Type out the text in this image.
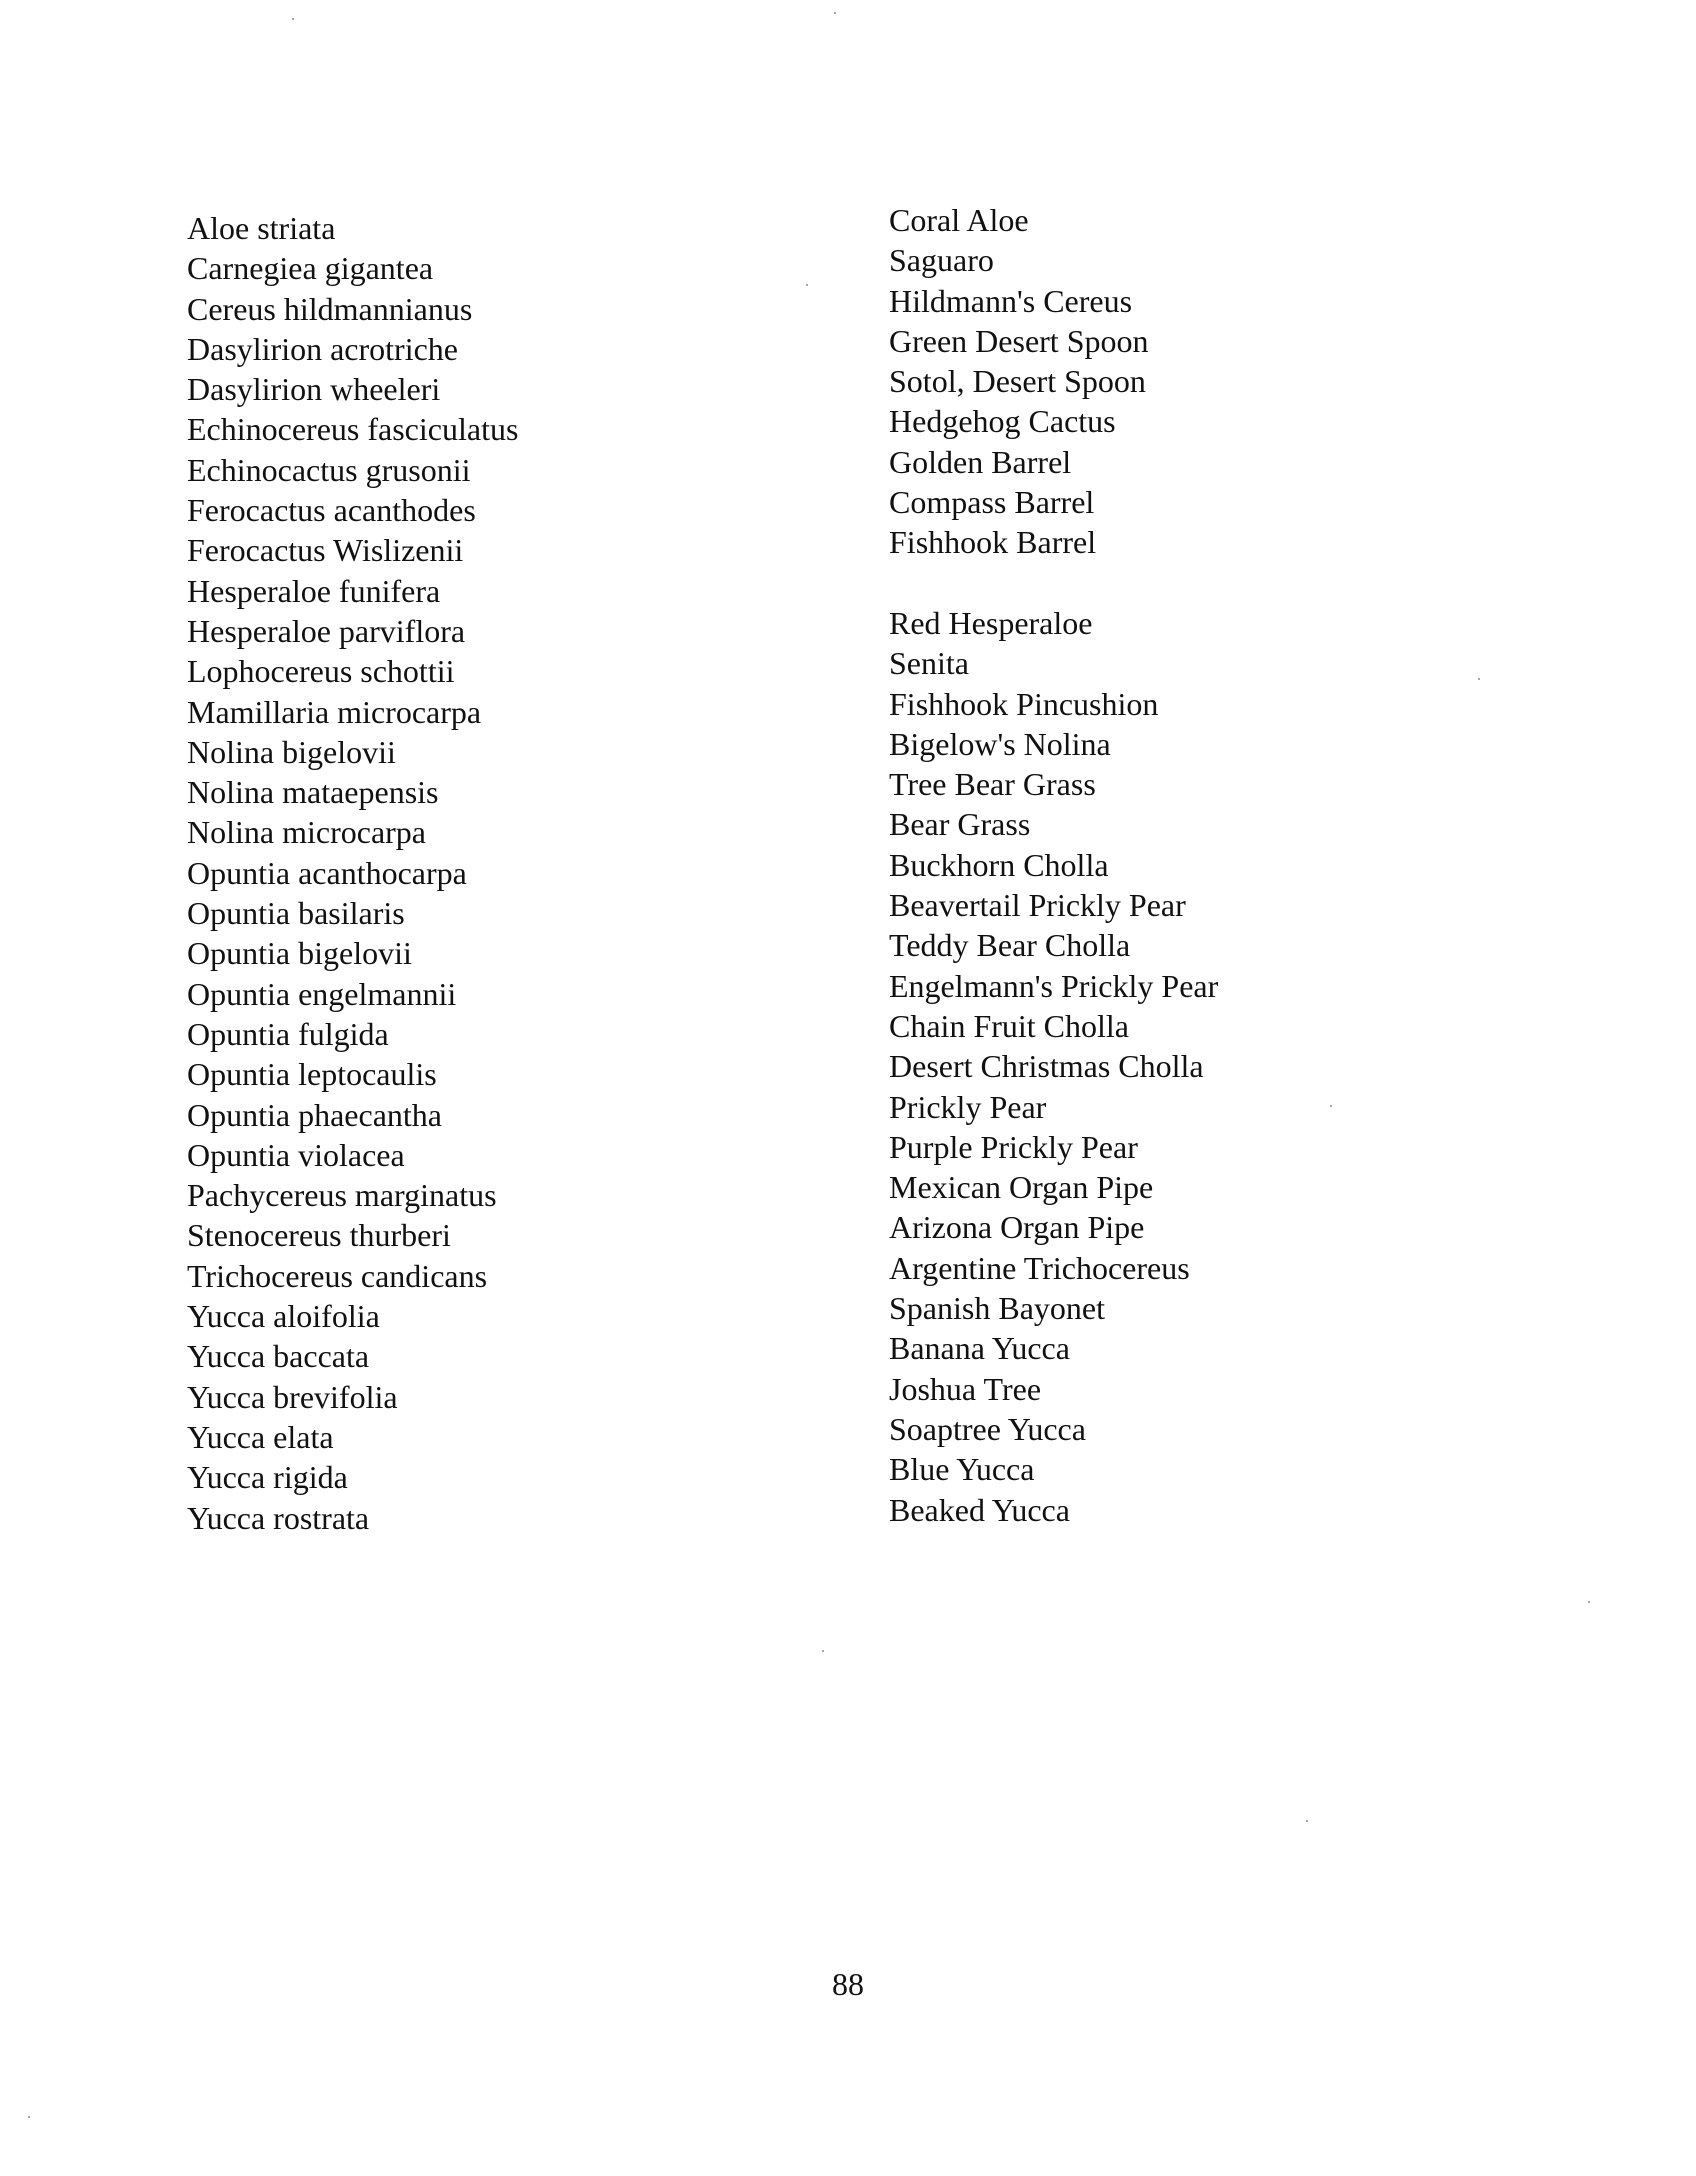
Aloe striata
Carnegiea gigantea
Cereus hildmannianus
Dasylirion acrotriche
Dasylirion wheeleri
Echinocereus fasciculatus
Echinocactus grusonii
Ferocactus acanthodes
Ferocactus Wislizenii
Hesperaloe funifera
Hesperaloe parviflora
Lophocereus schottii
Mamillaria microcarpa
Nolina bigelovii
Nolina mataepensis
Nolina microcarpa
Opuntia acanthocarpa
Opuntia basilaris
Opuntia bigelovii
Opuntia engelmannii
Opuntia fulgida
Opuntia leptocaulis
Opuntia phaecantha
Opuntia violacea
Pachycereus marginatus
Stenocereus thurberi
Trichocereus candicans
Yucca aloifolia
Yucca baccata
Yucca brevifolia
Yucca elata
Yucca rigida
Yucca rostrata
Coral Aloe
Saguaro
Hildmann's Cereus
Green Desert Spoon
Sotol, Desert Spoon
Hedgehog Cactus
Golden Barrel
Compass Barrel
Fishhook Barrel
Red Hesperaloe
Senita
Fishhook Pincushion
Bigelow's Nolina
Tree Bear Grass
Bear Grass
Buckhorn Cholla
Beavertail Prickly Pear
Teddy Bear Cholla
Engelmann's Prickly Pear
Chain Fruit Cholla
Desert Christmas Cholla
Prickly Pear
Purple Prickly Pear
Mexican Organ Pipe
Arizona Organ Pipe
Argentine Trichocereus
Spanish Bayonet
Banana Yucca
Joshua Tree
Soaptree Yucca
Blue Yucca
Beaked Yucca
88
